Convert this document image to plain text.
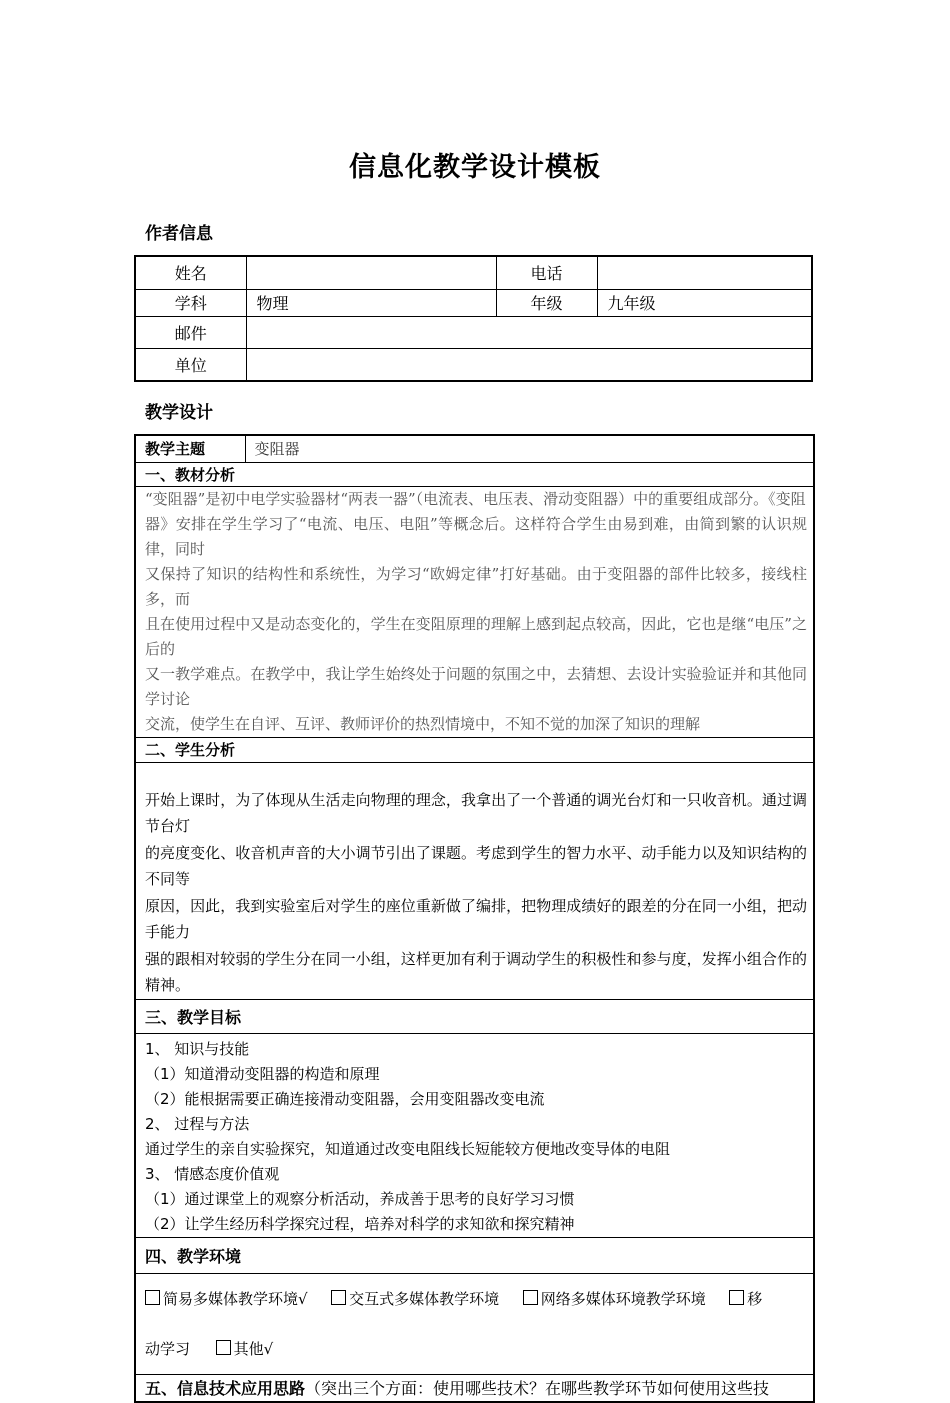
信息化教学设计模板
作者信息
姓名		电话	
学科	物理	年级	九年级
邮件			
单位			
教学设计
教学主题	变阻器
一、教材分析

“变阻器”是初中电学实验器材“两表一器”（电流表、电压表、滑动变阻器）中的重要组成部分。《变阻
器》安排在学生学习了“电流、电压、电阻”等概念后。这样符合学生由易到难，由简到繁的认识规律，同时
又保持了知识的结构性和系统性，为学习“欧姆定律”打好基础。由于变阻器的部件比较多，接线柱多，而
且在使用过程中又是动态变化的，学生在变阻原理的理解上感到起点较高，因此，它也是继“电压”之后的
又一教学难点。在教学中，我让学生始终处于问题的氛围之中，去猜想、去设计实验验证并和其他同学讨论
交流，使学生在自评、互评、教师评价的热烈情境中，不知不觉的加深了知识的理解

二、学生分析

开始上课时，为了体现从生活走向物理的理念，我拿出了一个普通的调光台灯和一只收音机。通过调节台灯
的亮度变化、收音机声音的大小调节引出了课题。考虑到学生的智力水平、动手能力以及知识结构的不同等
原因，因此，我到实验室后对学生的座位重新做了编排，把物理成绩好的跟差的分在同一小组，把动手能力
强的跟相对较弱的学生分在同一小组，这样更加有利于调动学生的积极性和参与度，发挥小组合作的精神。

三、教学目标

1、 知识与技能
（1）知道滑动变阻器的构造和原理
（2）能根据需要正确连接滑动变阻器，会用变阻器改变电流
2、 过程与方法
通过学生的亲自实验探究，知道通过改变电阻线长短能较方便地改变导体的电阻
3、 情感态度价值观
（1）通过课堂上的观察分析活动，养成善于思考的良好学习习惯
（2）让学生经历科学探究过程，培养对科学的求知欲和探究精神

四、教学环境

简易多媒体教学环境√	交互式多媒体教学环境	网络多媒体环境教学环境	移
动学习	其他√

五、信息技术应用思路（突出三个方面：使用哪些技术？在哪些教学环节如何使用这些技
